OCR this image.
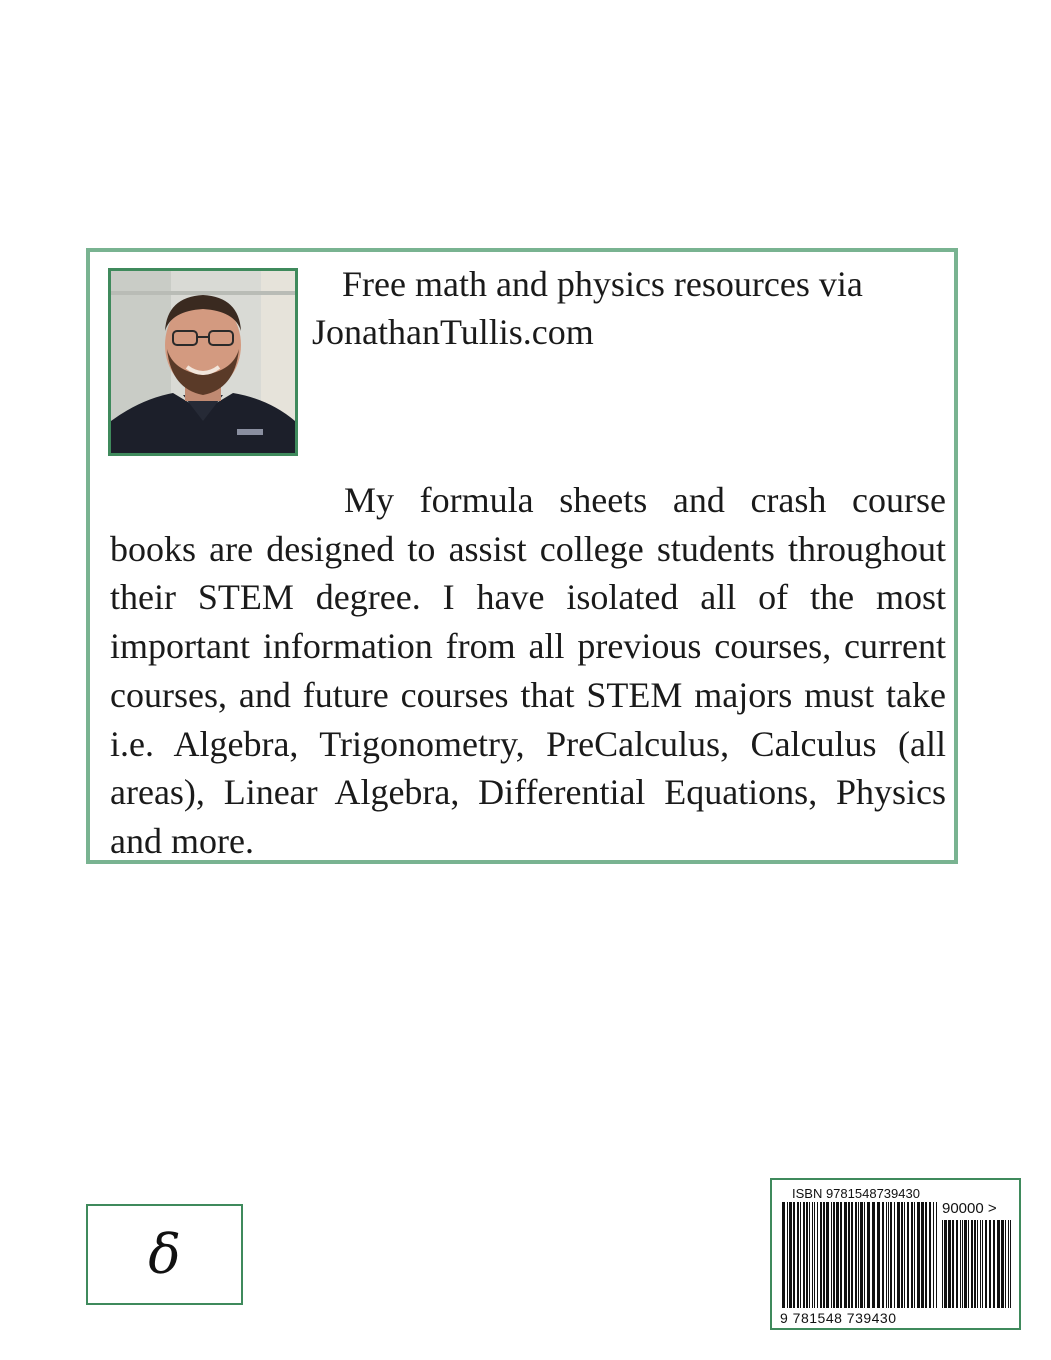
Free math and physics resources via
JonathanTullis.com
My formula sheets and crash course books are designed to assist college students throughout their STEM degree. I have isolated all of the most important information from all previous courses, current courses, and future courses that STEM majors must take i.e. Algebra, Trigonometry, PreCalculus, Calculus (all areas), Linear Algebra, Differential Equations, Physics and more.
δ
ISBN 9781548739430
90000 >
9 781548 739430
